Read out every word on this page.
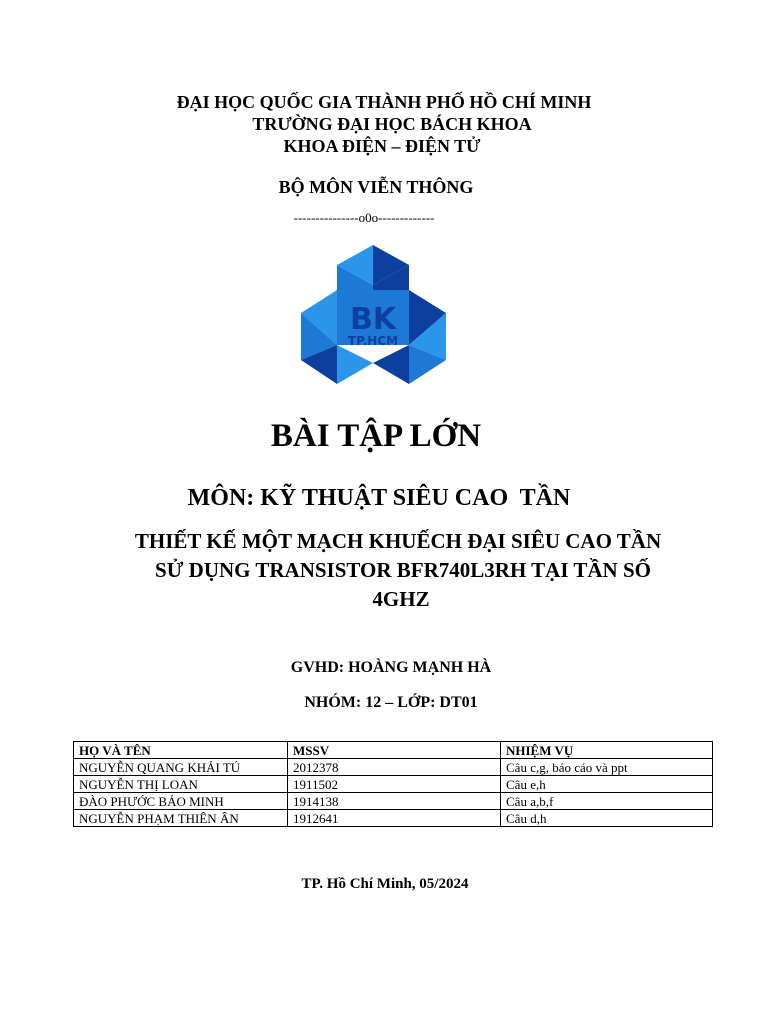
ĐẠI HỌC QUỐC GIA THÀNH PHỐ HỒ CHÍ MINH
TRƯỜNG ĐẠI HỌC BÁCH KHOA
KHOA ĐIỆN – ĐIỆN TỬ
BỘ MÔN VIỄN THÔNG
---------------o0o-------------
BK
TP.HCM
BÀI TẬP LỚN
MÔN: KỸ THUẬT SIÊU CAO  TẦN
THIẾT KẾ MỘT MẠCH KHUẾCH ĐẠI SIÊU CAO TẦN
SỬ DỤNG TRANSISTOR BFR740L3RH TẠI TẦN SỐ
4GHZ
GVHD: HOÀNG MẠNH HÀ
NHÓM: 12 – LỚP: DT01
HỌ VÀ TÊN	MSSV	NHIỆM VỤ
NGUYỄN QUANG KHẢI TÚ	2012378	Câu c,g, báo cáo và ppt
NGUYỄN THỊ LOAN	1911502	Câu e,h
ĐÀO PHƯỚC BẢO MINH	1914138	Câu a,b,f
NGUYỄN PHẠM THIÊN ÂN	1912641	Câu d,h
TP. Hồ Chí Minh, 05/2024
